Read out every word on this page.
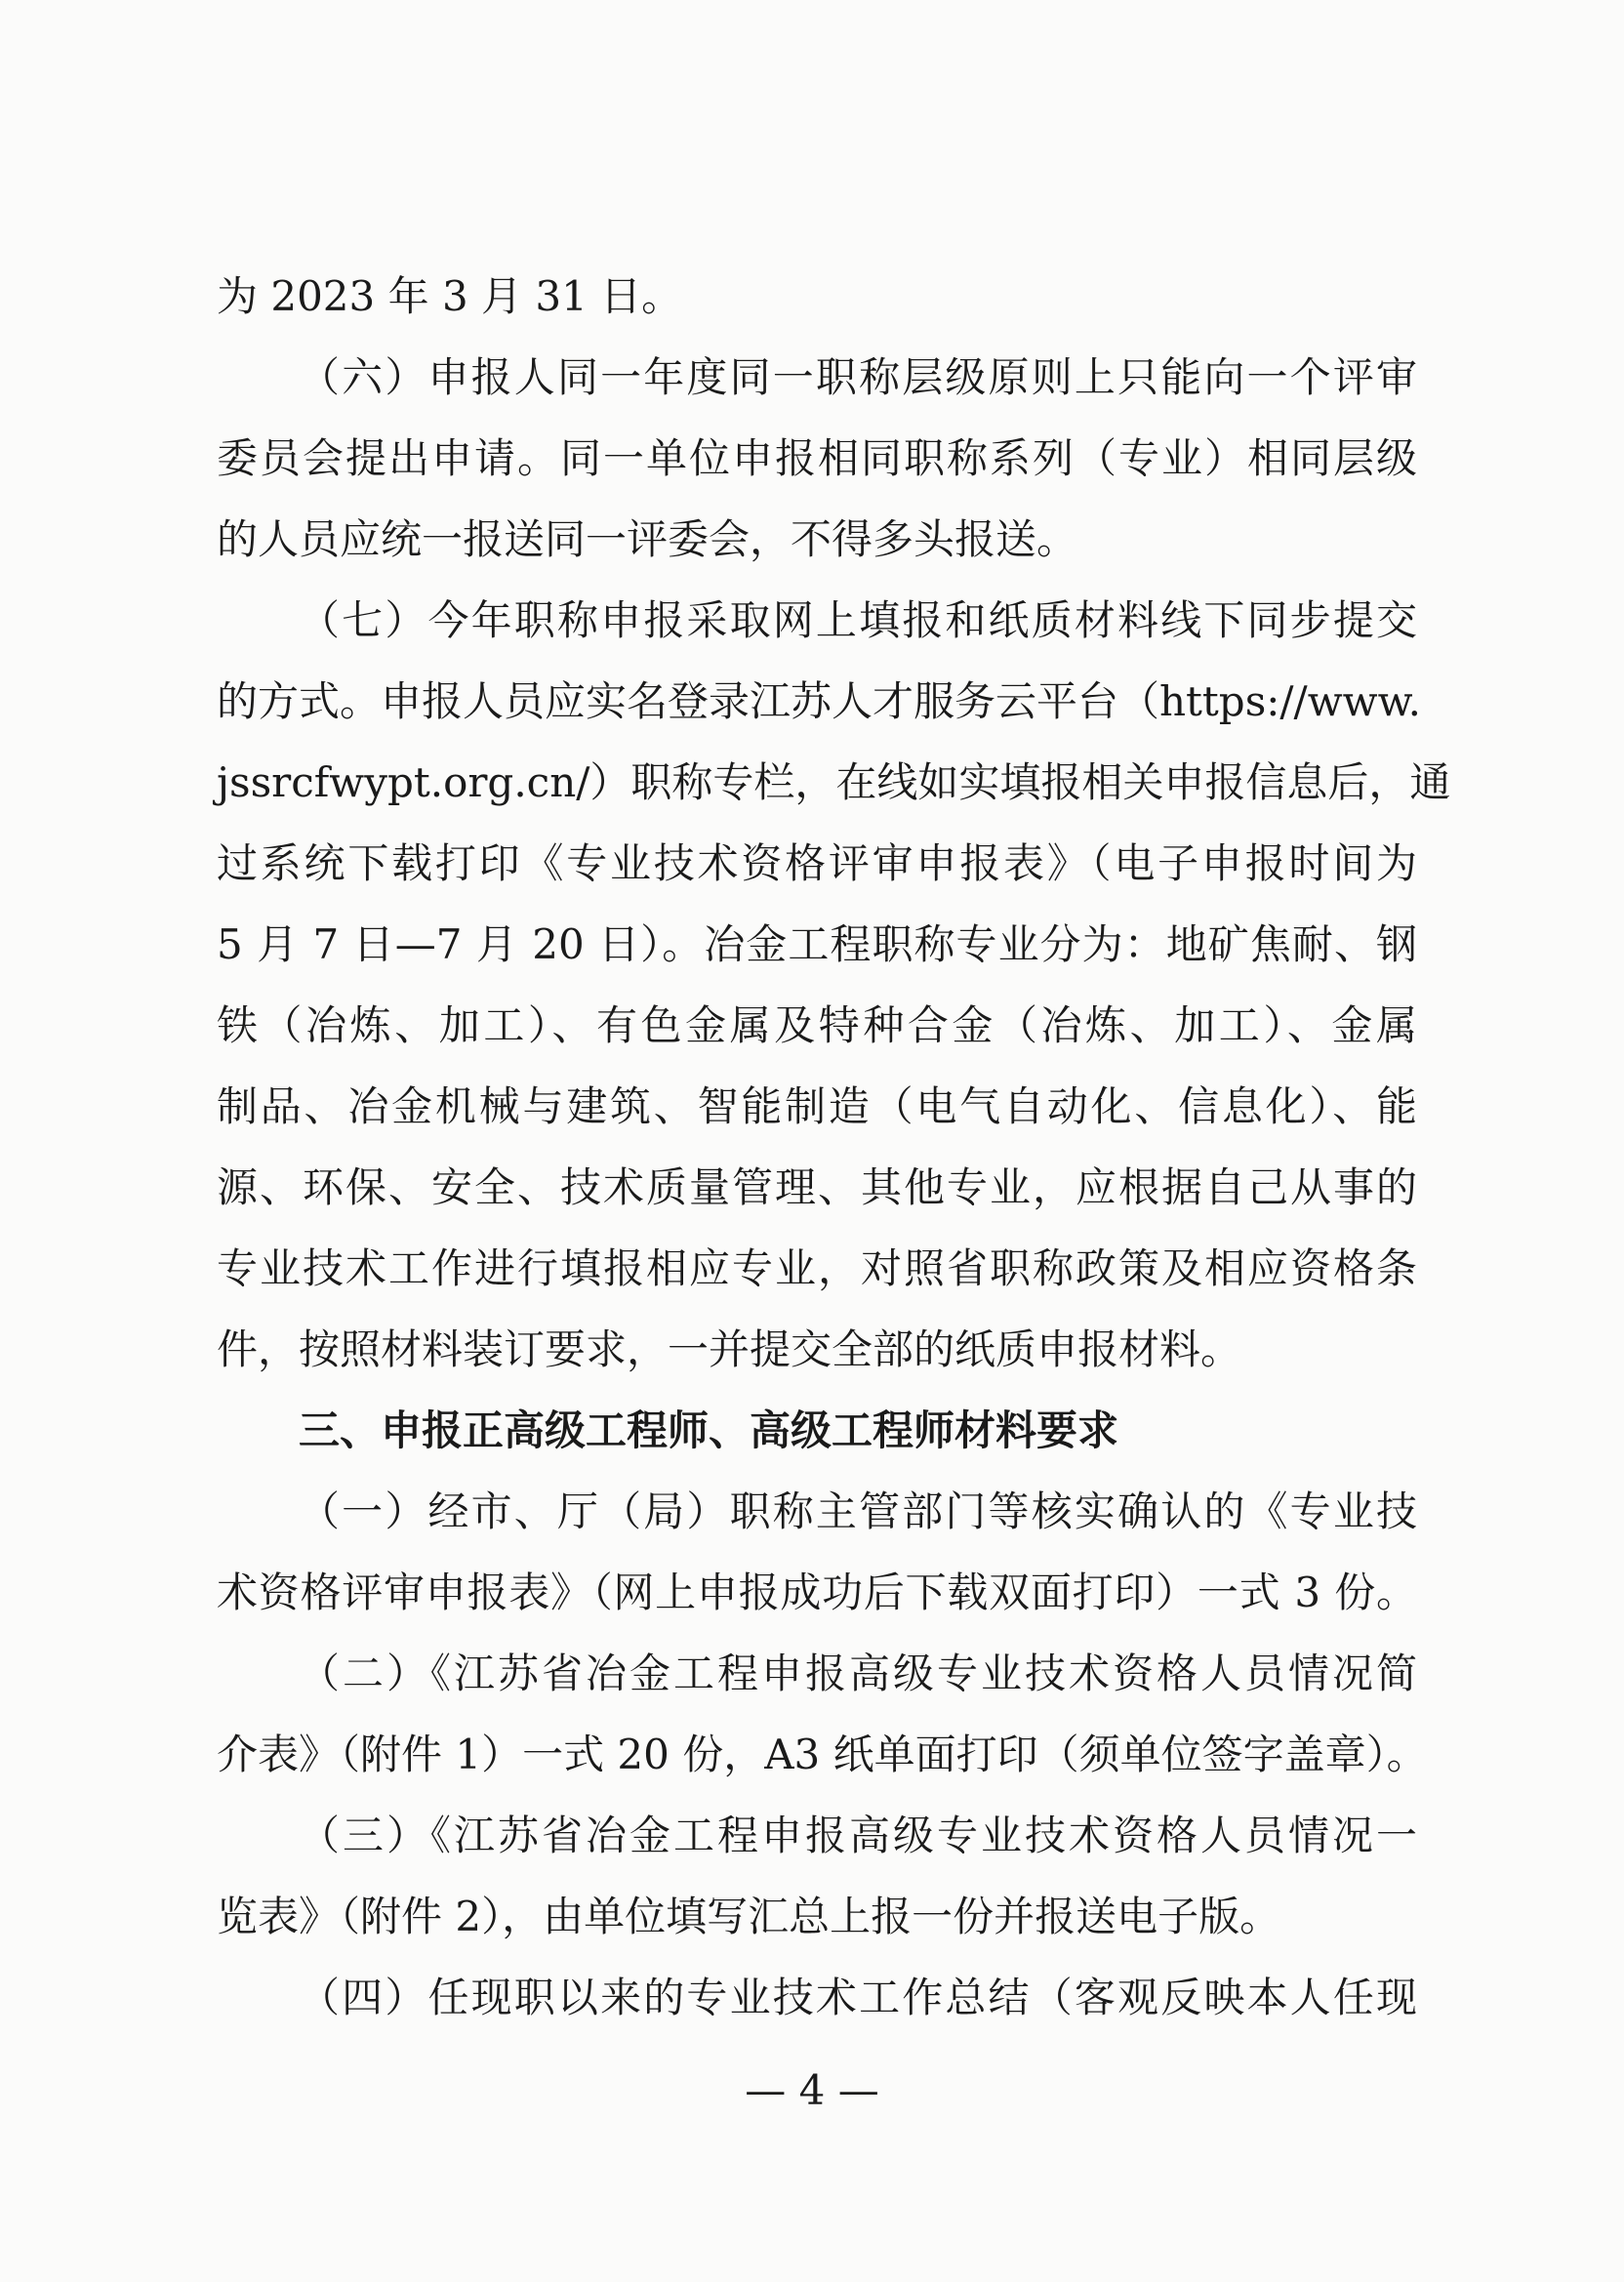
为 2023 年 3 月 31 日。
（六）申报人同一年度同一职称层级原则上只能向一个评审
委员会提出申请。同一单位申报相同职称系列（专业）相同层级
的人员应统一报送同一评委会，不得多头报送。
（七）今年职称申报采取网上填报和纸质材料线下同步提交
的方式。申报人员应实名登录江苏人才服务云平台（https://www.
jssrcfwypt.org.cn/）职称专栏，在线如实填报相关申报信息后，通
过系统下载打印《专业技术资格评审申报表》（电子申报时间为
5 月 7 日—7 月 20 日）。冶金工程职称专业分为：地矿焦耐、钢
铁（冶炼、加工）、有色金属及特种合金（冶炼、加工）、金属
制品、冶金机械与建筑、智能制造（电气自动化、信息化）、能
源、环保、安全、技术质量管理、其他专业，应根据自己从事的
专业技术工作进行填报相应专业，对照省职称政策及相应资格条
件，按照材料装订要求，一并提交全部的纸质申报材料。
三、申报正高级工程师、高级工程师材料要求
（一）经市、厅（局）职称主管部门等核实确认的《专业技
术资格评审申报表》（网上申报成功后下载双面打印）一式 3 份。
（二）《江苏省冶金工程申报高级专业技术资格人员情况简
介表》（附件 1）一式 20 份，A3 纸单面打印（须单位签字盖章）。
（三）《江苏省冶金工程申报高级专业技术资格人员情况一
览表》（附件 2），由单位填写汇总上报一份并报送电子版。
（四）任现职以来的专业技术工作总结（客观反映本人任现
— 4 —
